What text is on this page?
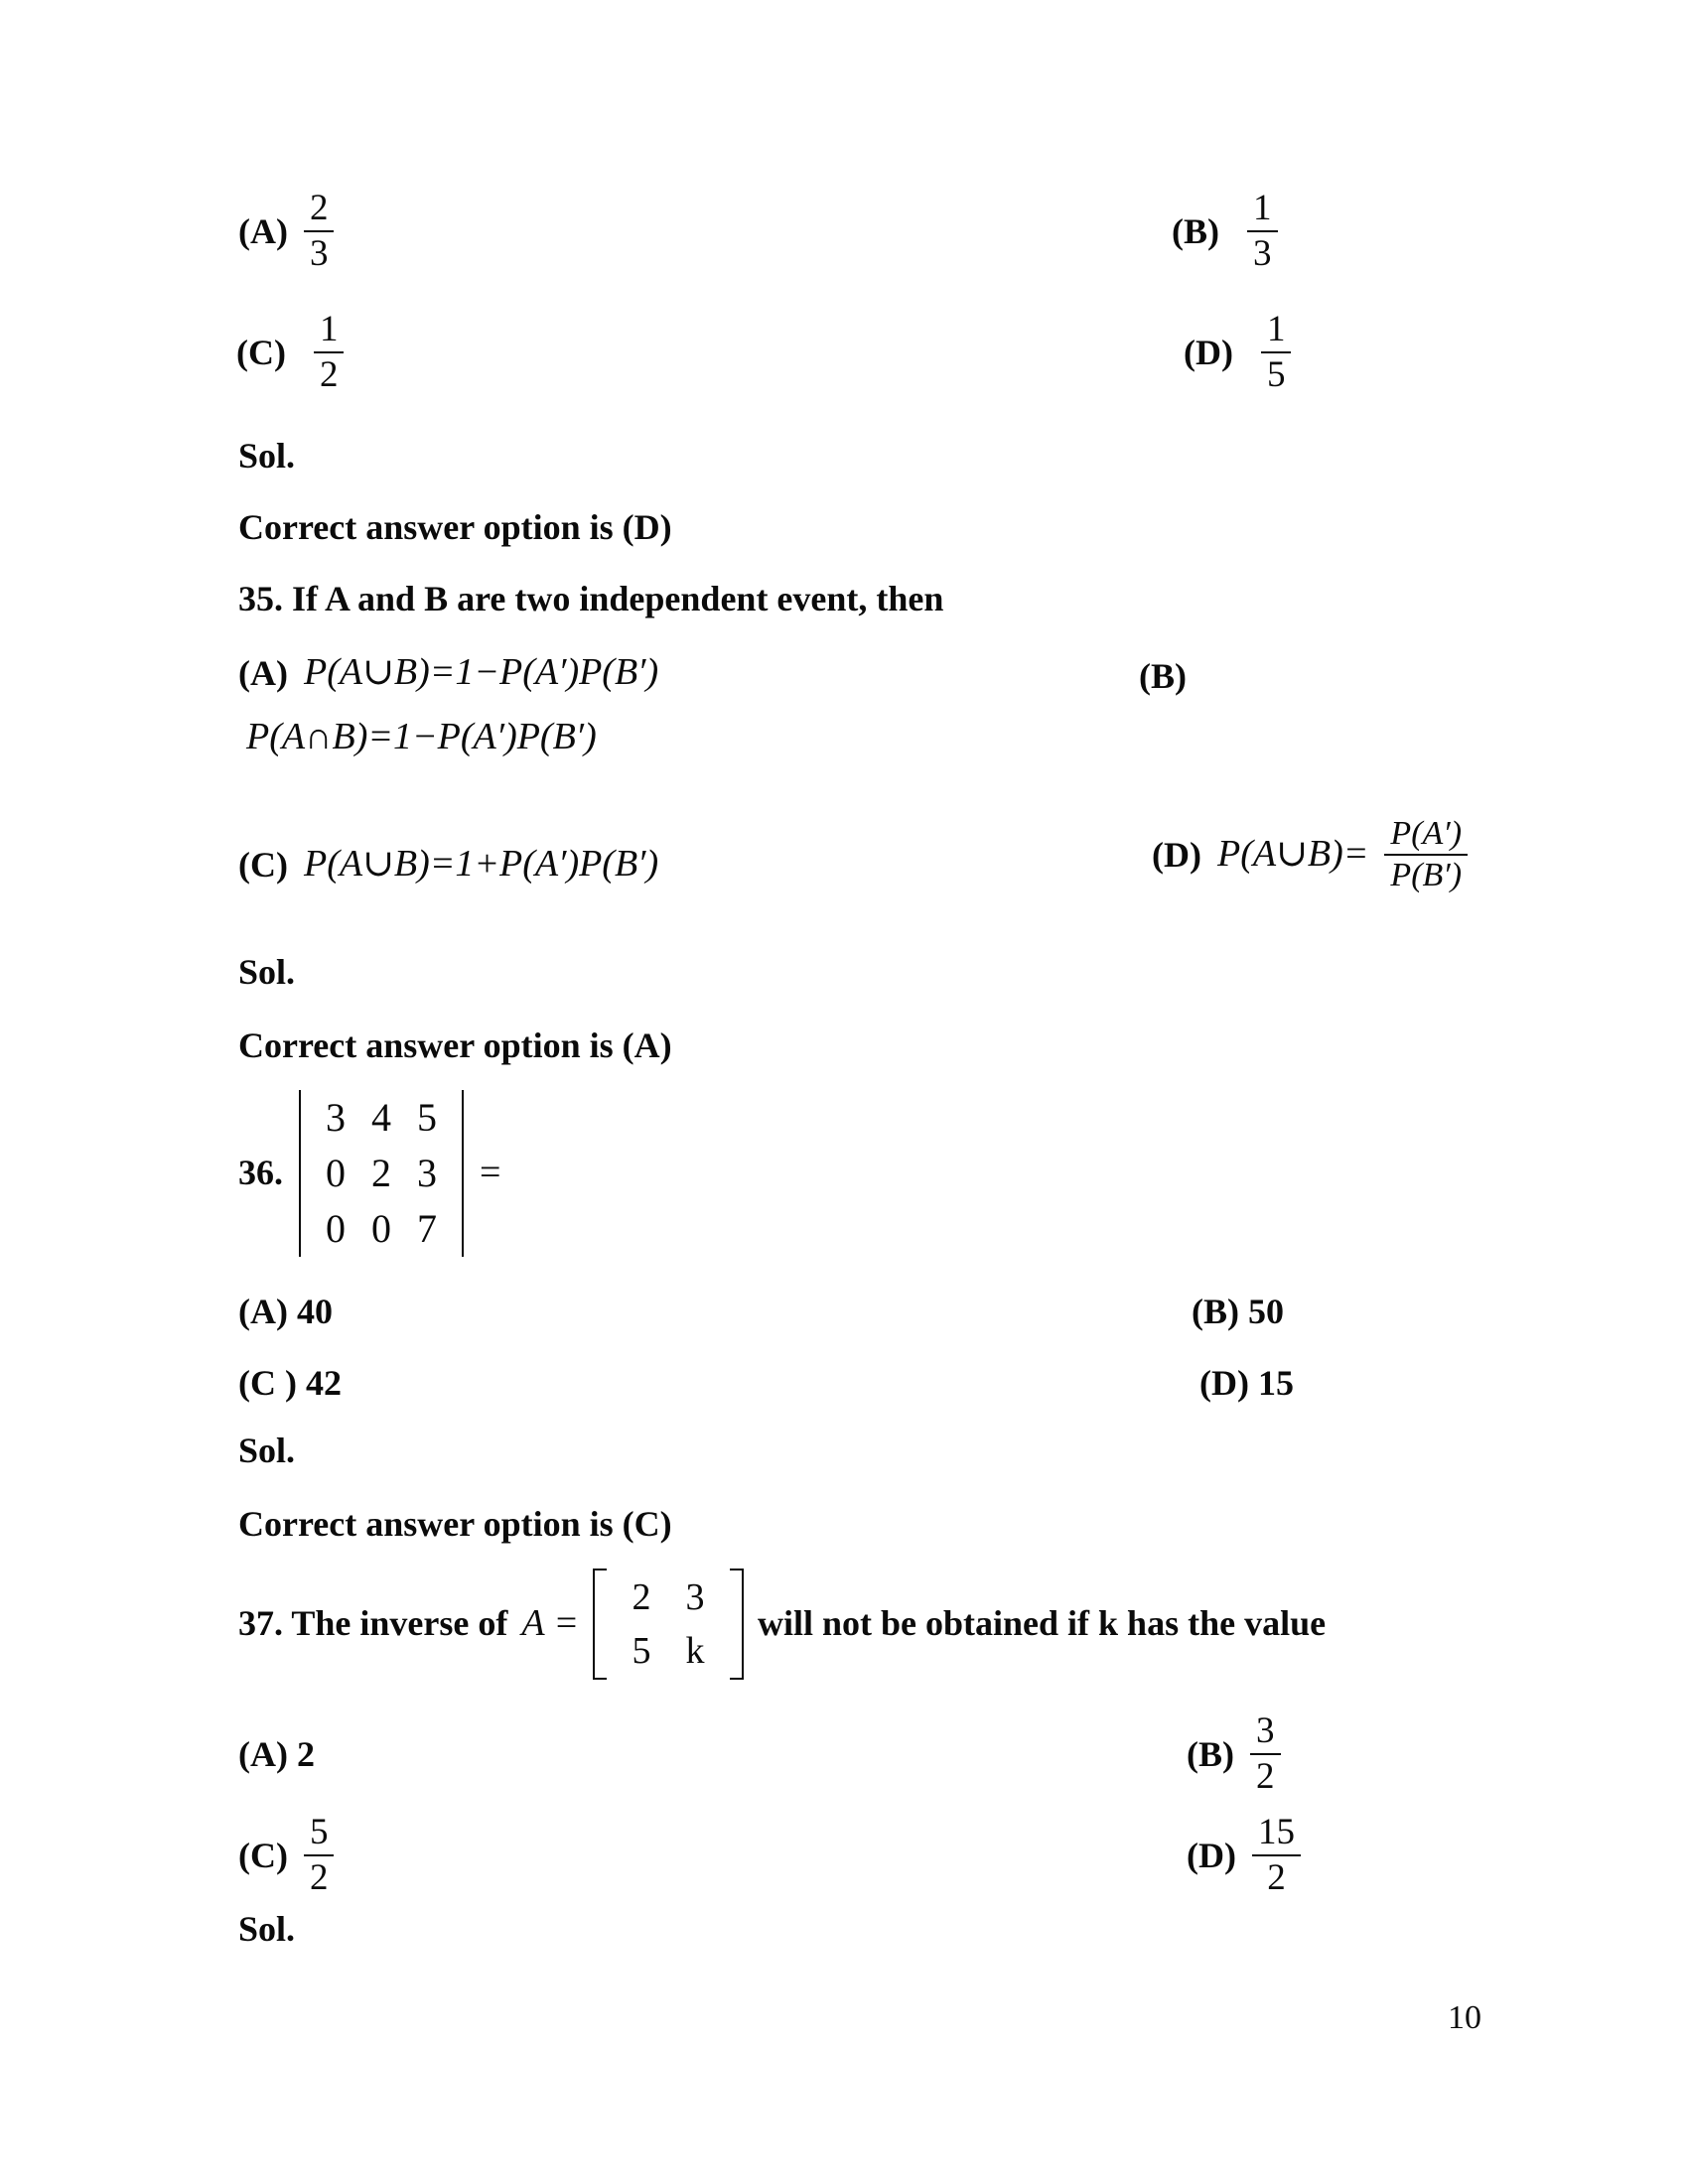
$(A) \frac{2}{3}$	$(B) \frac{1}{3}$
$(C) \frac{1}{2}$	$(D) \frac{1}{5}$
Sol.
Correct answer option is (D)
35. If A and B are two independent event, then
(A) P(A∪B)=1−P(A′)P(B′)	(B)
P(A∩B)=1−P(A′)P(B′)
(C) P(A∪B)=1+P(A′)P(B′)	(D) P(A∪B)= $\frac{P(A')}{P(B')}$
Sol.
Correct answer option is (A)
36.
3 4 5
0 2 3
0 0 7
=
(A) 40	(B) 50
(C ) 42	(D) 15
Sol.
Correct answer option is (C)
37. The inverse of A =
2 3
5 k
will not be obtained if k has the value
(A) 2	$(B) \frac{3}{2}$
$(C) \frac{5}{2}$	$(D) \frac{15}{2}$
Sol.
10
